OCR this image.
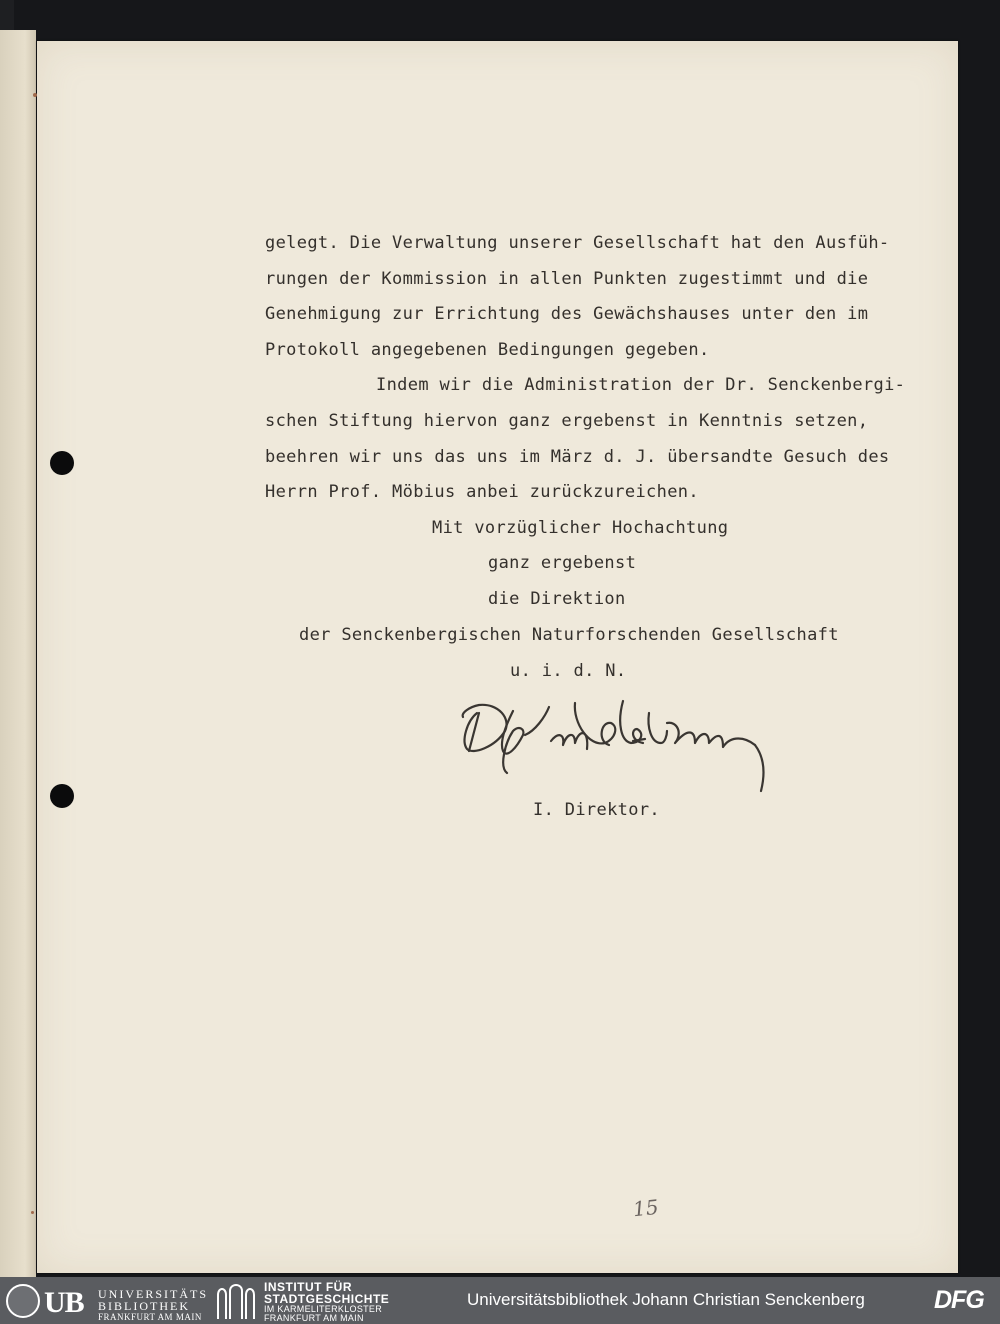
gelegt. Die Verwaltung unserer Gesellschaft hat den Ausfüh-
rungen der Kommission in allen Punkten zugestimmt und die
Genehmigung zur Errichtung des Gewächshauses unter den im
Protokoll angegebenen Bedingungen gegeben.
Indem wir die Administration der Dr. Senckenbergi-
schen Stiftung hiervon ganz ergebenst in Kenntnis setzen,
beehren wir uns das uns im März d. J. übersandte Gesuch des
Herrn Prof. Möbius anbei zurückzureichen.
Mit vorzüglicher Hochachtung
ganz ergebenst
die Direktion
der Senckenbergischen Naturforschenden Gesellschaft
u. i. d. N.
I. Direktor.
15
UB UNIVERSITÄTS
BIBLIOTHEK
FRANKFURT AM MAIN
INSTITUT FÜR
STADTGESCHICHTE
IM KARMELITERKLOSTER
FRANKFURT AM MAIN
Universitätsbibliothek Johann Christian Senckenberg	DFG
